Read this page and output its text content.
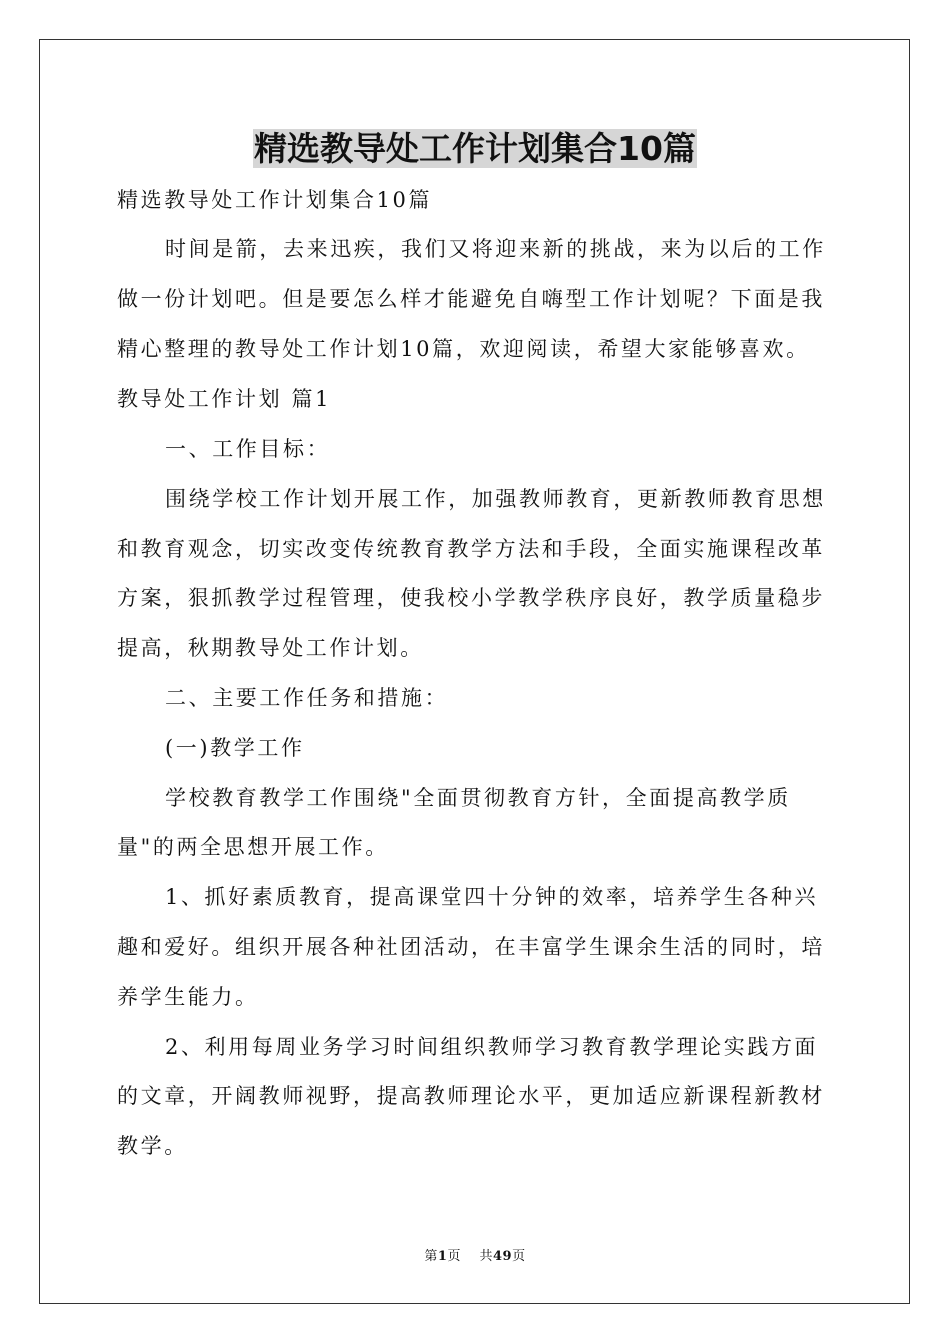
精选教导处工作计划集合10篇
精选教导处工作计划集合10篇
时间是箭，去来迅疾，我们又将迎来新的挑战，来为以后的工作
做一份计划吧。但是要怎么样才能避免自嗨型工作计划呢？下面是我
精心整理的教导处工作计划10篇，欢迎阅读，希望大家能够喜欢。
教导处工作计划 篇1
一、工作目标：
围绕学校工作计划开展工作，加强教师教育，更新教师教育思想
和教育观念，切实改变传统教育教学方法和手段，全面实施课程改革
方案，狠抓教学过程管理，使我校小学教学秩序良好，教学质量稳步
提高，秋期教导处工作计划。
二、主要工作任务和措施：
(一)教学工作
学校教育教学工作围绕"全面贯彻教育方针，全面提高教学质
量"的两全思想开展工作。
1、抓好素质教育，提高课堂四十分钟的效率，培养学生各种兴
趣和爱好。组织开展各种社团活动，在丰富学生课余生活的同时，培
养学生能力。
2、利用每周业务学习时间组织教师学习教育教学理论实践方面
的文章，开阔教师视野，提高教师理论水平，更加适应新课程新教材
教学。
第1页 共49页
